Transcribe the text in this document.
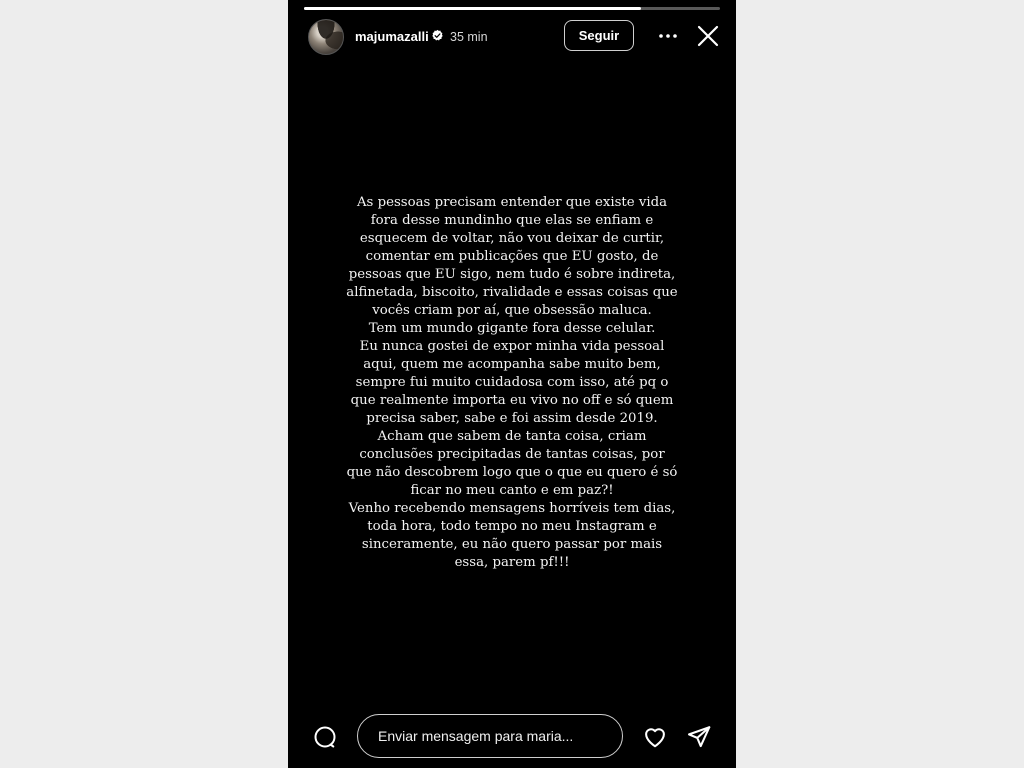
majumazalli 35 min	Seguir
As pessoas precisam entender que existe vida
fora desse mundinho que elas se enfiam e
esquecem de voltar, não vou deixar de curtir,
comentar em publicações que EU gosto, de
pessoas que EU sigo, nem tudo é sobre indireta,
alfinetada, biscoito, rivalidade e essas coisas que
vocês criam por aí, que obsessão maluca.
Tem um mundo gigante fora desse celular.
Eu nunca gostei de expor minha vida pessoal
aqui, quem me acompanha sabe muito bem,
sempre fui muito cuidadosa com isso, até pq o
que realmente importa eu vivo no off e só quem
precisa saber, sabe e foi assim desde 2019.
Acham que sabem de tanta coisa, criam
conclusões precipitadas de tantas coisas, por
que não descobrem logo que o que eu quero é só
ficar no meu canto e em paz?!
Venho recebendo mensagens horríveis tem dias,
toda hora, todo tempo no meu Instagram e
sinceramente, eu não quero passar por mais
essa, parem pf!!!
Enviar mensagem para maria...
